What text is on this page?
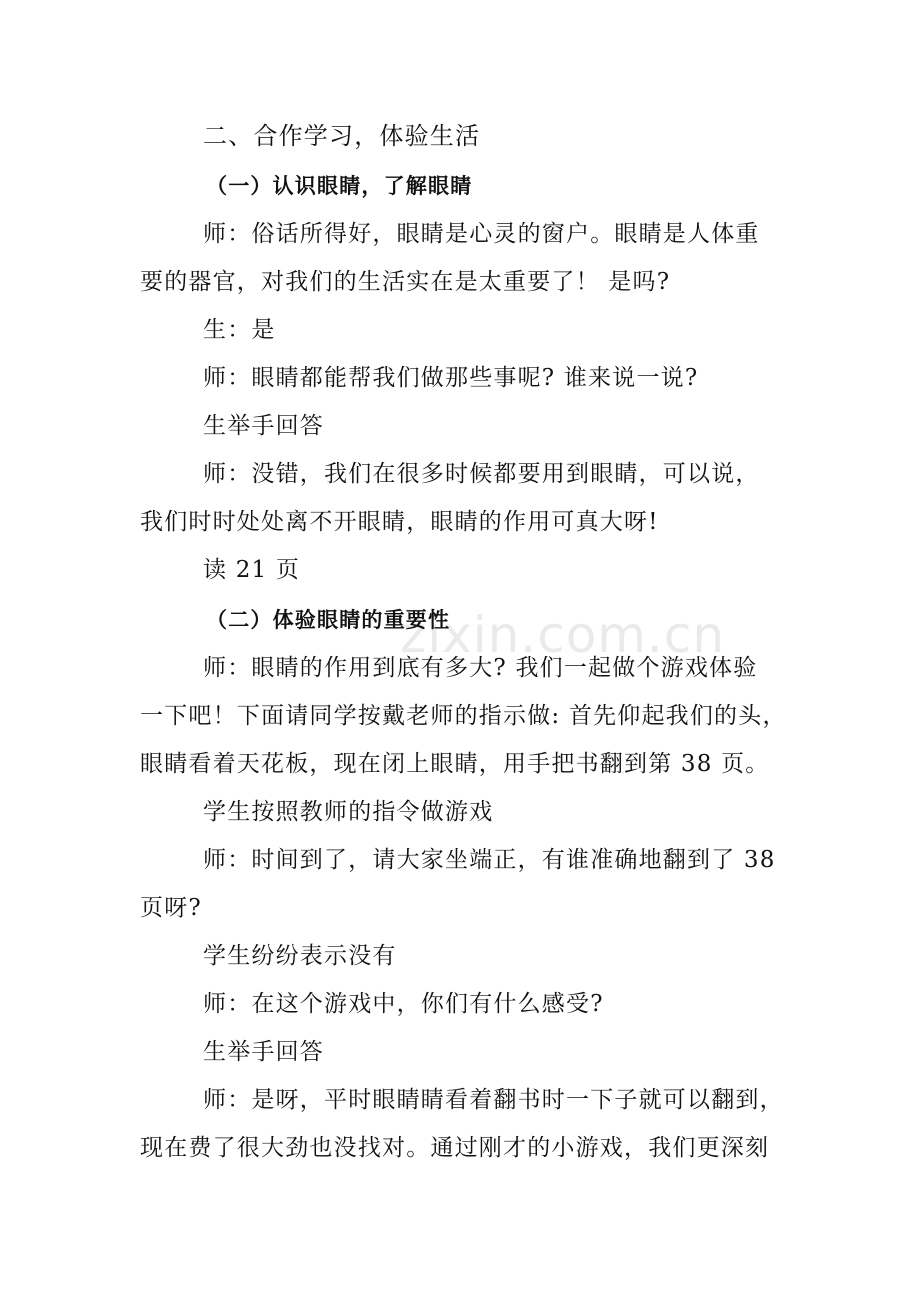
zixin.com.cn
二、合作学习，体验生活
（一）认识眼睛，了解眼睛
师：俗话所得好，眼睛是心灵的窗户。眼睛是人体重
要的器官，对我们的生活实在是太重要了！ 是吗?
生：是
师：眼睛都能帮我们做那些事呢? 谁来说一说?
生举手回答
师：没错，我们在很多时候都要用到眼睛，可以说，
我们时时处处离不开眼睛，眼睛的作用可真大呀!
读 21 页
（二）体验眼睛的重要性
师：眼睛的作用到底有多大? 我们一起做个游戏体验
一下吧！下面请同学按戴老师的指示做: 首先仰起我们的头，
眼睛看着天花板，现在闭上眼睛，用手把书翻到第 38 页。
学生按照教师的指令做游戏
师：时间到了，请大家坐端正，有谁准确地翻到了 38
页呀?
学生纷纷表示没有
师：在这个游戏中，你们有什么感受?
生举手回答
师：是呀，平时眼睛睛看着翻书时一下子就可以翻到，
现在费了很大劲也没找对。通过刚才的小游戏，我们更深刻
